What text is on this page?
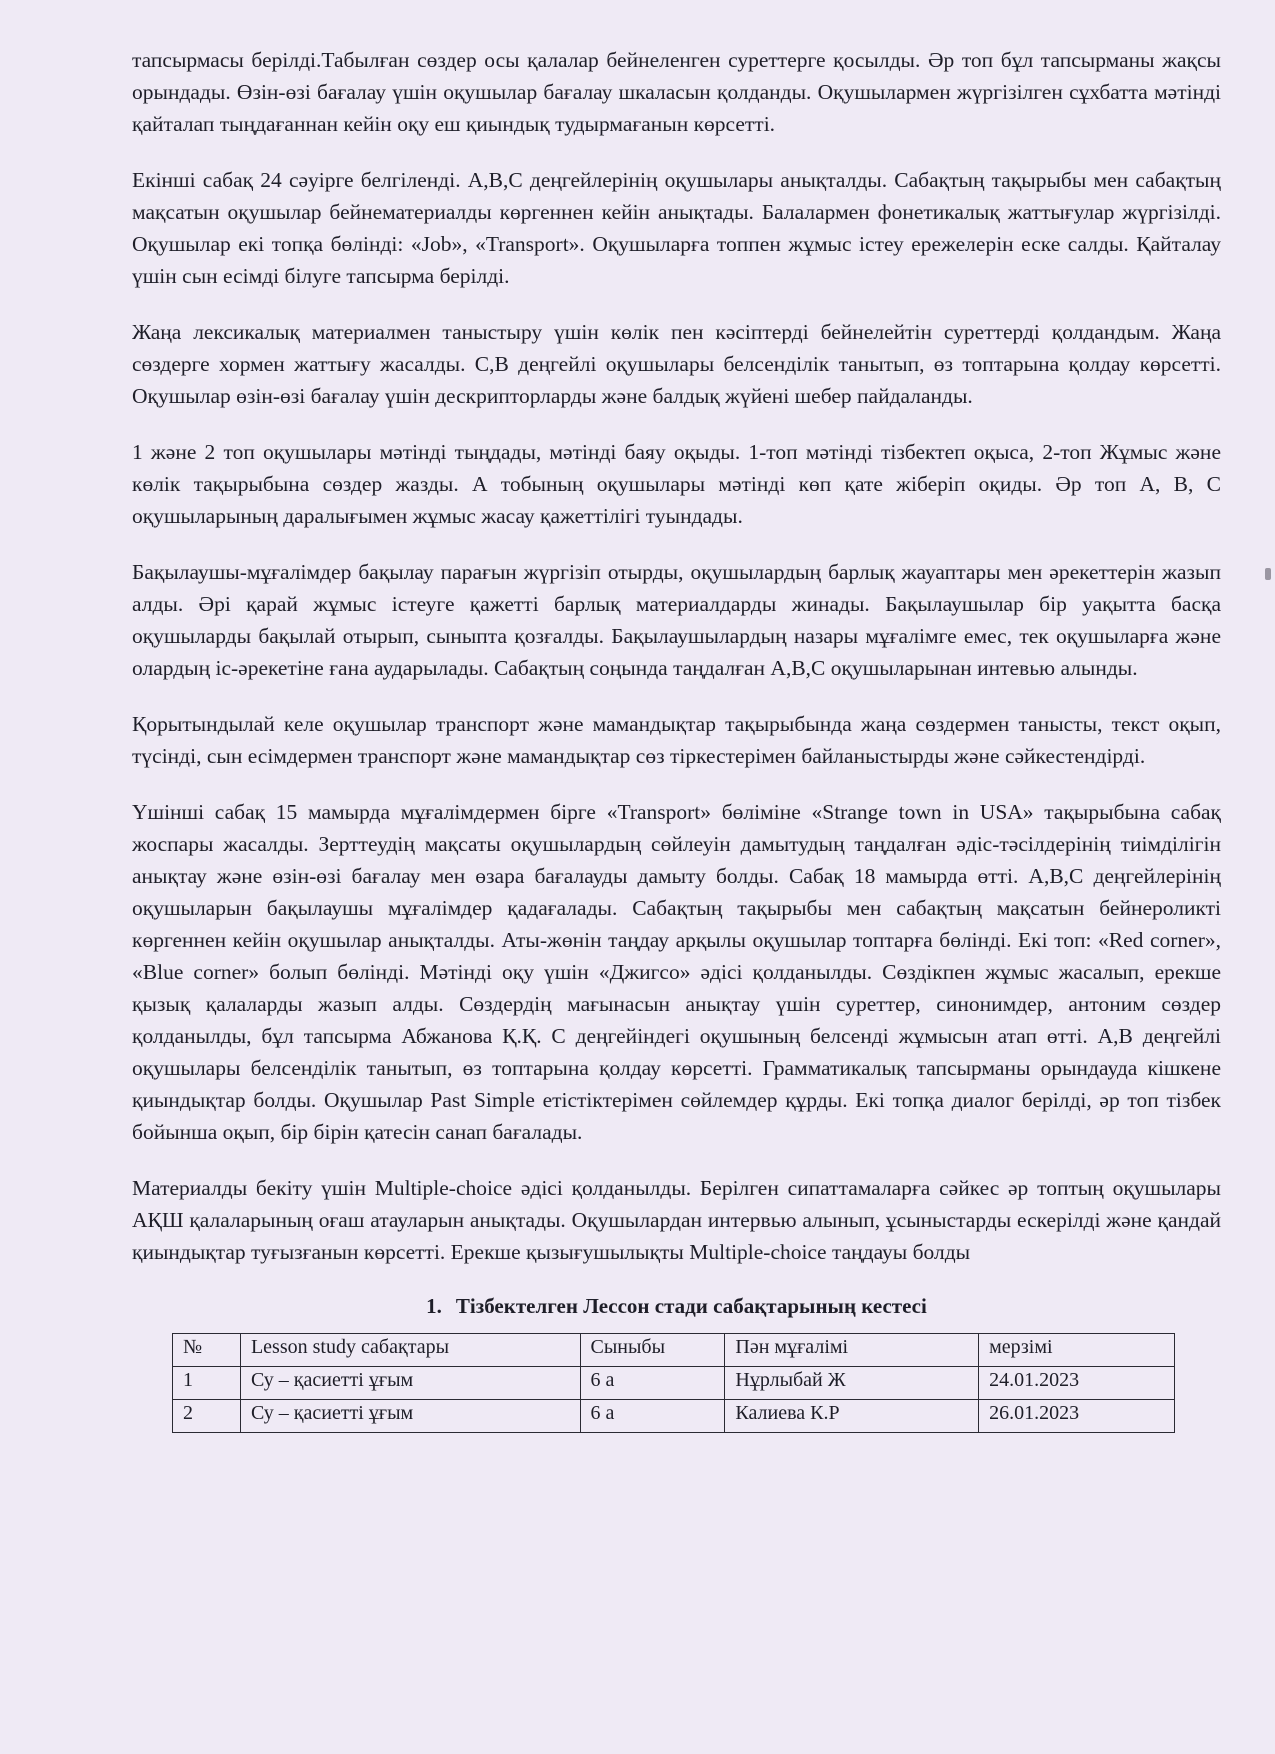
тапсырмасы берілді.Табылған сөздер осы қалалар бейнеленген суреттерге қосылды. Әр топ бұл тапсырманы жақсы орындады. Өзін-өзі бағалау үшін оқушылар бағалау шкаласын қолданды. Оқушылармен жүргізілген сұхбатта мәтінді қайталап тыңдағаннан кейін оқу еш қиындық тудырмағанын көрсетті.

Екінші сабақ 24 сәуірге белгіленді. А,В,С деңгейлерінің оқушылары анықталды. Сабақтың тақырыбы мен сабақтың мақсатын оқушылар бейнематериалды көргеннен кейін анықтады. Балалармен фонетикалық жаттығулар жүргізілді. Оқушылар екі топқа бөлінді: «Job», «Transport». Оқушыларға топпен жұмыс істеу ережелерін еске салды. Қайталау үшін сын есімді білуге тапсырма берілді.

Жаңа лексикалық материалмен таныстыру үшін көлік пен кәсіптерді бейнелейтін суреттерді қолдандым. Жаңа сөздерге хормен жаттығу жасалды. С,В деңгейлі оқушылары белсенділік танытып, өз топтарына қолдау көрсетті. Оқушылар өзін-өзі бағалау үшін дескрипторларды және балдық жүйені шебер пайдаланды.

1 және 2 топ оқушылары мәтінді тыңдады, мәтінді баяу оқыды. 1-топ мәтінді тізбектеп оқыса, 2-топ Жұмыс және көлік тақырыбына сөздер жазды. А тобының оқушылары мәтінді көп қате жіберіп оқиды. Әр топ А, В, С оқушыларының даралығымен жұмыс жасау қажеттілігі туындады.

Бақылаушы-мұғалімдер бақылау парағын жүргізіп отырды, оқушылардың барлық жауаптары мен әрекеттерін жазып алды. Әрі қарай жұмыс істеуге қажетті барлық материалдарды жинады. Бақылаушылар бір уақытта басқа оқушыларды бақылай отырып, сыныпта қозғалды. Бақылаушылардың назары мұғалімге емес, тек оқушыларға және олардың іс-әрекетіне ғана аударылады. Сабақтың соңында таңдалған А,В,С оқушыларынан интевью алынды.

Қорытындылай келе оқушылар транспорт және мамандықтар тақырыбында жаңа сөздермен танысты, текст оқып, түсінді, сын есімдермен транспорт және мамандықтар сөз тіркестерімен байланыстырды және сәйкестендірді.

Үшінші сабақ 15 мамырда мұғалімдермен бірге «Transport» бөліміне «Strange town in USA» тақырыбына сабақ жоспары жасалды. Зерттеудің мақсаты оқушылардың сөйлеуін дамытудың таңдалған әдіс-тәсілдерінің тиімділігін анықтау және өзін-өзі бағалау мен өзара бағалауды дамыту болды. Сабақ 18 мамырда өтті. А,В,С деңгейлерінің оқушыларын бақылаушы мұғалімдер қадағалады. Сабақтың тақырыбы мен сабақтың мақсатын бейнероликті көргеннен кейін оқушылар анықталды. Аты-жөнін таңдау арқылы оқушылар топтарға бөлінді. Екі топ: «Red corner», «Blue corner» болып бөлінді. Мәтінді оқу үшін «Джигсо» әдісі қолданылды. Сөздікпен жұмыс жасалып, ерекше қызық қалаларды жазып алды. Сөздердің мағынасын анықтау үшін суреттер, синонимдер, антоним сөздер қолданылды, бұл тапсырма Абжанова Қ.Қ. С деңгейіндегі оқушының белсенді жұмысын атап өтті. А,В деңгейлі оқушылары белсенділік танытып, өз топтарына қолдау көрсетті. Грамматикалық тапсырманы орындауда кішкене қиындықтар болды. Оқушылар Past Simple етістіктерімен сөйлемдер құрды. Екі топқа диалог берілді, әр топ тізбек бойынша оқып, бір бірін қатесін санап бағалады.

Материалды бекіту үшін Multiple-choice әдісі қолданылды. Берілген сипаттамаларға сәйкес әр топтың оқушылары АҚШ қалаларының оғаш атауларын анықтады. Оқушылардан интервью алынып, ұсыныстарды ескерілді және қандай қиындықтар туғызғанын көрсетті. Ерекше қызығушылықты Multiple-choice таңдауы болды

1. Тізбектелген Лессон стади сабақтарының кестесі
№	Lesson study сабақтары	Сыныбы	Пән мұғалімі	мерзімі
1	Су – қасиетті ұғым	6 а	Нұрлыбай Ж	24.01.2023
2	Су – қасиетті ұғым	6 а	Калиева К.Р	26.01.2023
